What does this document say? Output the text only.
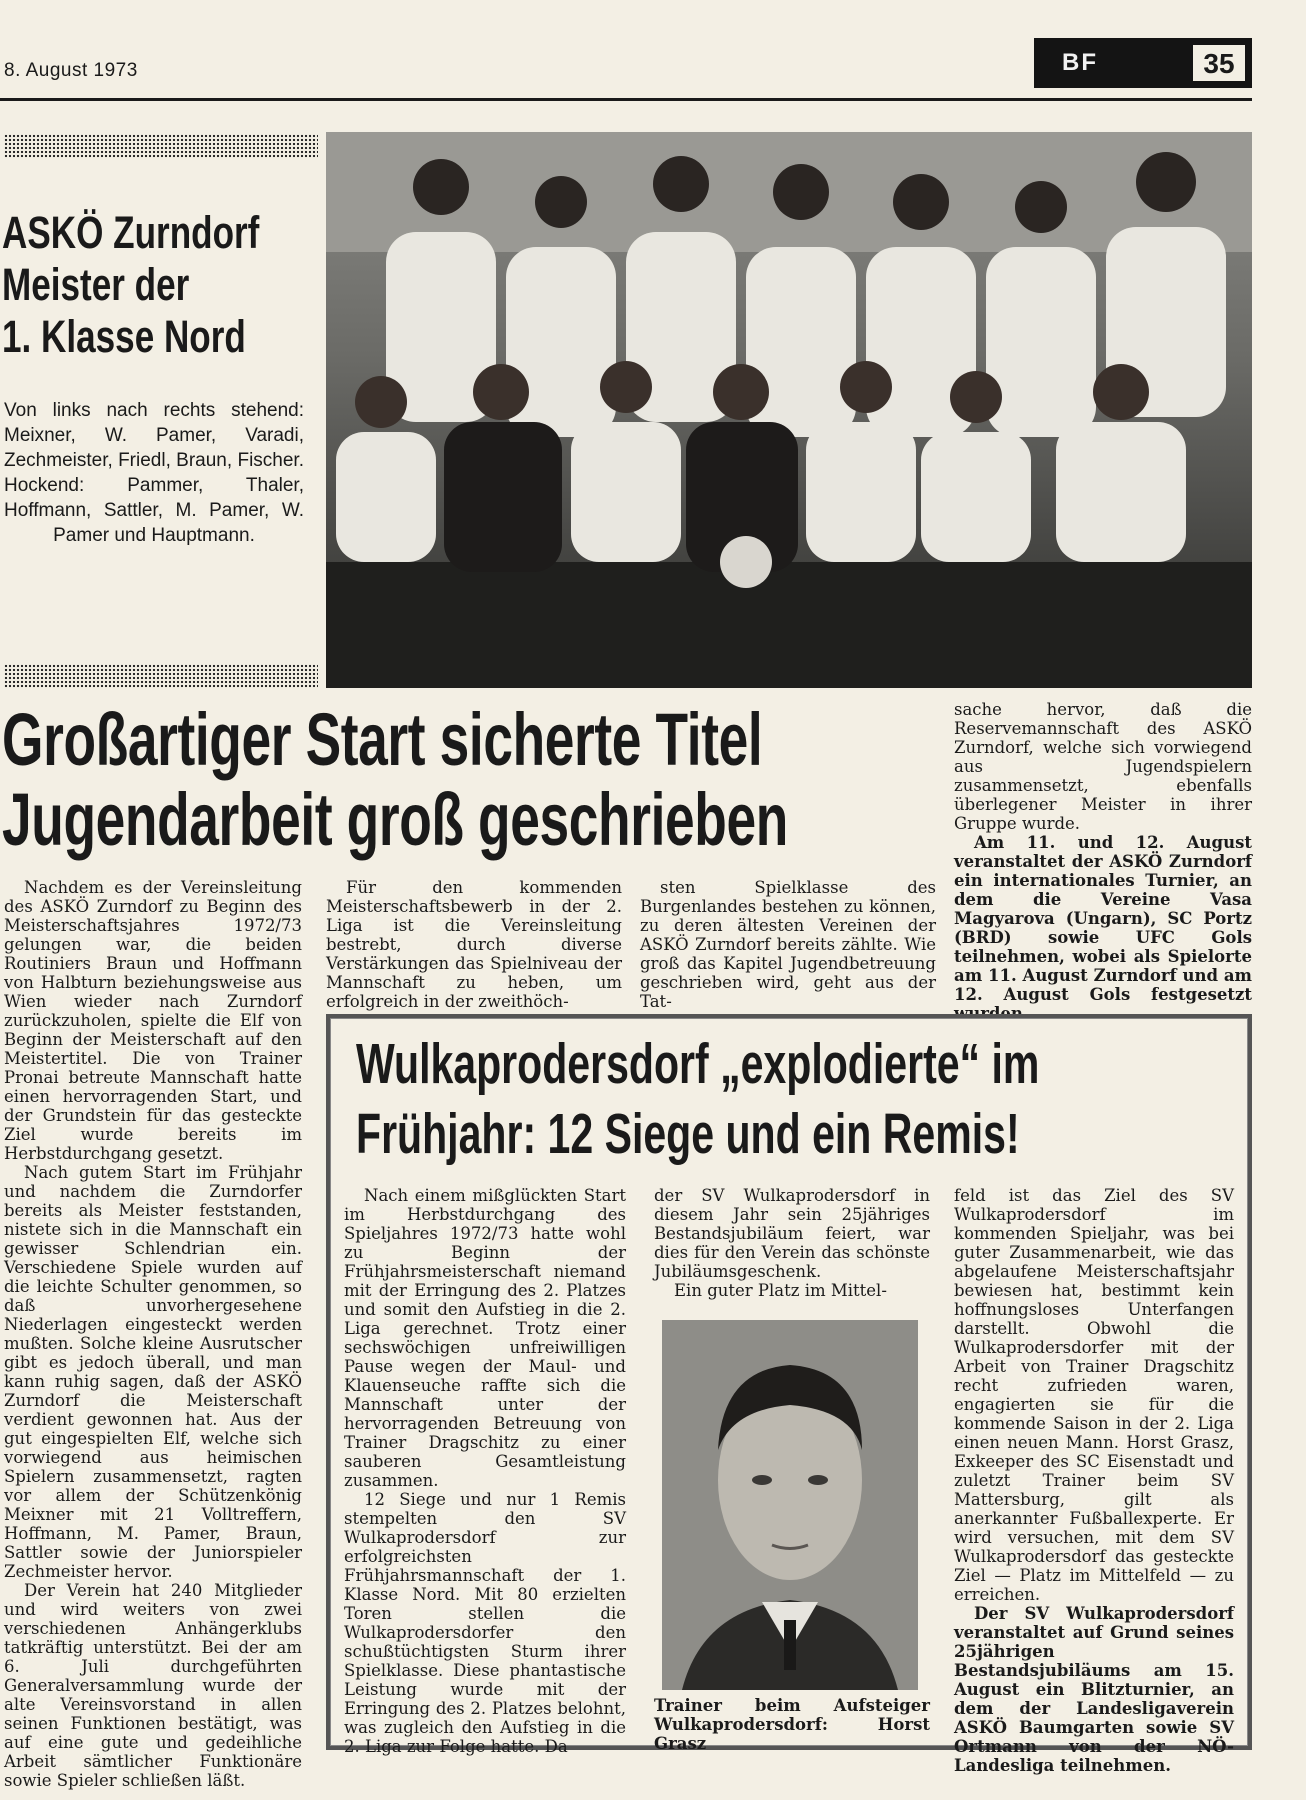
8. August 1973	BF	35
ASKÖ Zurndorf
Meister der
1. Klasse Nord
Von links nach rechts stehend: Meixner, W. Pamer, Varadi, Zechmeister, Friedl, Braun, Fischer. Hockend: Pammer, Thaler, Hoffmann, Sattler, M. Pamer, W. Pamer und Hauptmann.
Großartiger Start sicherte Titel
Jugendarbeit groß geschrieben

Nachdem es der Vereinsleitung des ASKÖ Zurndorf zu Beginn des Meisterschaftsjahres 1972/73 gelungen war, die beiden Routiniers Braun und Hoffmann von Halbturn beziehungsweise aus Wien wieder nach Zurndorf zurückzuholen, spielte die Elf von Beginn der Meisterschaft auf den Meistertitel. Die von Trainer Pronai betreute Mannschaft hatte einen hervorragenden Start, und der Grundstein für das gesteckte Ziel wurde bereits im Herbstdurchgang gesetzt.

Nach gutem Start im Frühjahr und nachdem die Zurndorfer bereits als Meister feststanden, nistete sich in die Mannschaft ein gewisser Schlendrian ein. Verschiedene Spiele wurden auf die leichte Schulter genommen, so daß unvorhergesehene Niederlagen eingesteckt werden mußten. Solche kleine Ausrutscher gibt es jedoch überall, und man kann ruhig sagen, daß der ASKÖ Zurndorf die Meisterschaft verdient gewonnen hat. Aus der gut eingespielten Elf, welche sich vorwiegend aus heimischen Spielern zusammensetzt, ragten vor allem der Schützenkönig Meixner mit 21 Volltreffern, Hoffmann, M. Pamer, Braun, Sattler sowie der Juniorspieler Zechmeister hervor.

Der Verein hat 240 Mitglieder und wird weiters von zwei verschiedenen Anhängerklubs tatkräftig unterstützt. Bei der am 6. Juli durchgeführten Generalversammlung wurde der alte Vereinsvorstand in allen seinen Funktionen bestätigt, was auf eine gute und gedeihliche Arbeit sämtlicher Funktionäre sowie Spieler schließen läßt.

Für den kommenden Meisterschaftsbewerb in der 2. Liga ist die Vereinsleitung bestrebt, durch diverse Verstärkungen das Spielniveau der Mannschaft zu heben, um erfolgreich in der zweithöch-

sten Spielklasse des Burgenlandes bestehen zu können, zu deren ältesten Vereinen der ASKÖ Zurndorf bereits zählte. Wie groß das Kapitel Jugendbetreuung geschrieben wird, geht aus der Tat-

sache hervor, daß die Reservemannschaft des ASKÖ Zurndorf, welche sich vorwiegend aus Jugendspielern zusammensetzt, ebenfalls überlegener Meister in ihrer Gruppe wurde.

Am 11. und 12. August veranstaltet der ASKÖ Zurndorf ein internationales Turnier, an dem die Vereine Vasa Magyarova (Ungarn), SC Portz (BRD) sowie UFC Gols teilnehmen, wobei als Spielorte am 11. August Zurndorf und am 12. August Gols festgesetzt wurden.

Wulkaprodersdorf „explodierte“ im
Frühjahr: 12 Siege und ein Remis!

Nach einem mißglückten Start im Herbstdurchgang des Spieljahres 1972/73 hatte wohl zu Beginn der Frühjahrsmeisterschaft niemand mit der Erringung des 2. Platzes und somit den Aufstieg in die 2. Liga gerechnet. Trotz einer sechswöchigen unfreiwilligen Pause wegen der Maul- und Klauenseuche raffte sich die Mannschaft unter der hervorragenden Betreuung von Trainer Dragschitz zu einer sauberen Gesamtleistung zusammen.

12 Siege und nur 1 Remis stempelten den SV Wulkaprodersdorf zur erfolgreichsten Frühjahrsmannschaft der 1. Klasse Nord. Mit 80 erzielten Toren stellen die Wulkaprodersdorfer den schußtüchtigsten Sturm ihrer Spielklasse. Diese phantastische Leistung wurde mit der Erringung des 2. Platzes belohnt, was zugleich den Aufstieg in die 2. Liga zur Folge hatte. Da

der SV Wulkaprodersdorf in diesem Jahr sein 25jähriges Bestandsjubiläum feiert, war dies für den Verein das schönste Jubiläumsgeschenk.

Ein guter Platz im Mittel-

Trainer beim Aufsteiger Wulkaprodersdorf: Horst Grasz

feld ist das Ziel des SV Wulkaprodersdorf im kommenden Spieljahr, was bei guter Zusammenarbeit, wie das abgelaufene Meisterschaftsjahr bewiesen hat, bestimmt kein hoffnungsloses Unterfangen darstellt. Obwohl die Wulkaprodersdorfer mit der Arbeit von Trainer Dragschitz recht zufrieden waren, engagierten sie für die kommende Saison in der 2. Liga einen neuen Mann. Horst Grasz, Exkeeper des SC Eisenstadt und zuletzt Trainer beim SV Mattersburg, gilt als anerkannter Fußballexperte. Er wird versuchen, mit dem SV Wulkaprodersdorf das gesteckte Ziel — Platz im Mittelfeld — zu erreichen.

Der SV Wulkaprodersdorf veranstaltet auf Grund seines 25jährigen Bestandsjubiläums am 15. August ein Blitzturnier, an dem der Landesligaverein ASKÖ Baumgarten sowie SV Ortmann von der NÖ-Landesliga teilnehmen.
